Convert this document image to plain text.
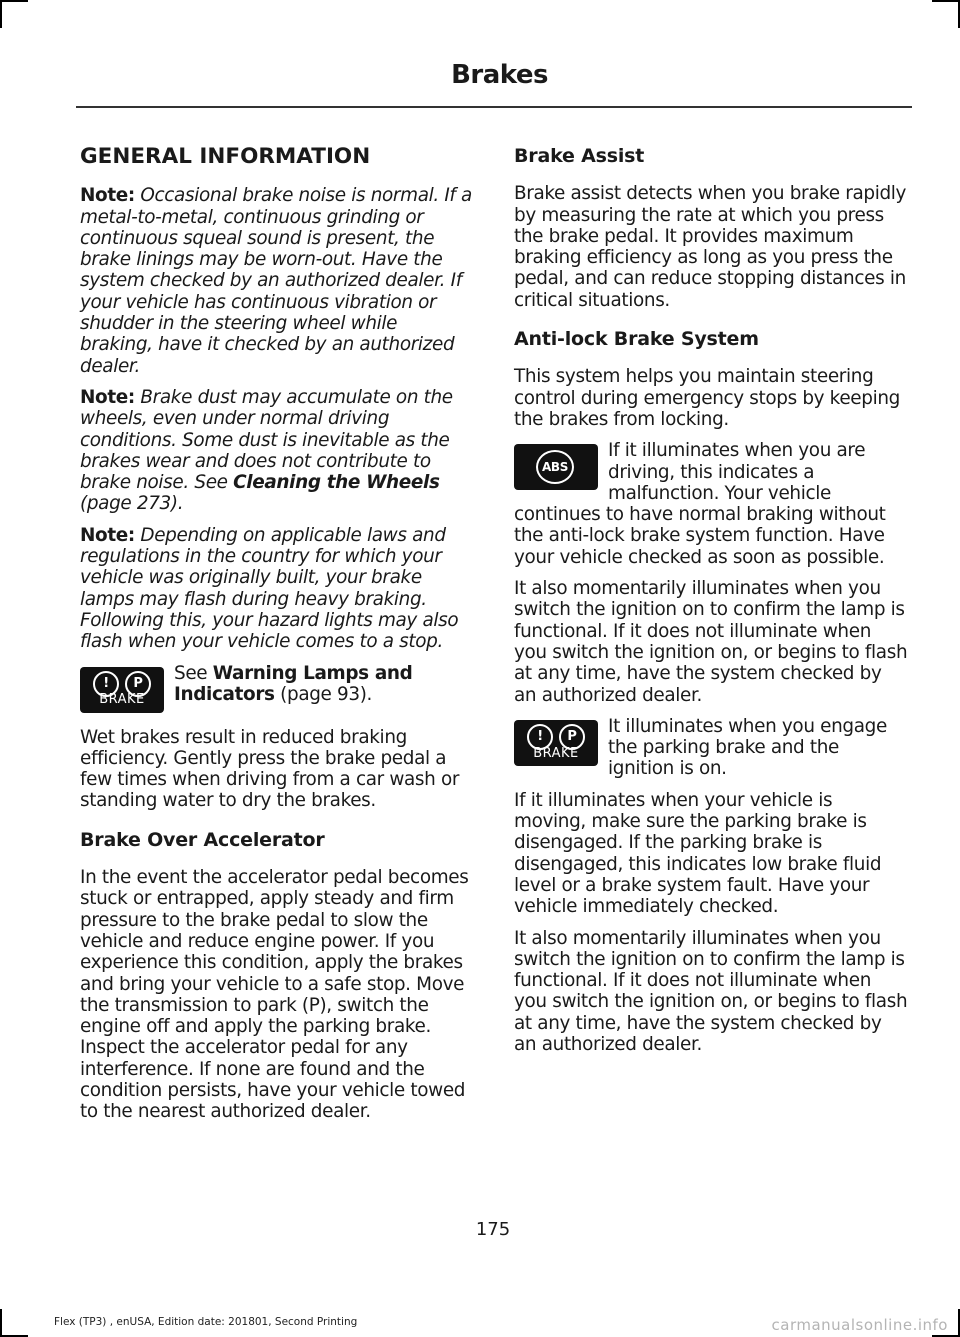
Brakes
GENERAL INFORMATION

Note: Occasional brake noise is normal. If a metal-to-metal, continuous grinding or continuous squeal sound is present, the brake linings may be worn-out. Have the system checked by an authorized dealer. If your vehicle has continuous vibration or shudder in the steering wheel while braking, have it checked by an authorized dealer.

Note: Brake dust may accumulate on the wheels, even under normal driving conditions. Some dust is inevitable as the brakes wear and does not contribute to brake noise. See Cleaning the Wheels (page 273).

Note: Depending on applicable laws and regulations in the country for which your vehicle was originally built, your brake lamps may flash during heavy braking. Following this, your hazard lights may also flash when your vehicle comes to a stop.

! P
BRAKE
See Warning Lamps and Indicators (page 93).

Wet brakes result in reduced braking efficiency. Gently press the brake pedal a few times when driving from a car wash or standing water to dry the brakes.

Brake Over Accelerator

In the event the accelerator pedal becomes stuck or entrapped, apply steady and firm pressure to the brake pedal to slow the vehicle and reduce engine power. If you experience this condition, apply the brakes and bring your vehicle to a safe stop. Move the transmission to park (P), switch the engine off and apply the parking brake. Inspect the accelerator pedal for any interference. If none are found and the condition persists, have your vehicle towed to the nearest authorized dealer.

Brake Assist

Brake assist detects when you brake rapidly by measuring the rate at which you press the brake pedal. It provides maximum braking efficiency as long as you press the pedal, and can reduce stopping distances in critical situations.

Anti-lock Brake System

This system helps you maintain steering control during emergency stops by keeping the brakes from locking.

ABS
If it illuminates when you are driving, this indicates a malfunction. Your vehicle continues to have normal braking without the anti-lock brake system function. Have your vehicle checked as soon as possible.

It also momentarily illuminates when you switch the ignition on to confirm the lamp is functional. If it does not illuminate when you switch the ignition on, or begins to flash at any time, have the system checked by an authorized dealer.

! P
BRAKE
It illuminates when you engage the parking brake and the ignition is on.

If it illuminates when your vehicle is moving, make sure the parking brake is disengaged. If the parking brake is disengaged, this indicates low brake fluid level or a brake system fault. Have your vehicle immediately checked.

It also momentarily illuminates when you switch the ignition on to confirm the lamp is functional. If it does not illuminate when you switch the ignition on, or begins to flash at any time, have the system checked by an authorized dealer.

175
Flex (TP3) , enUSA, Edition date: 201801, Second Printing	carmanualsonline.info
